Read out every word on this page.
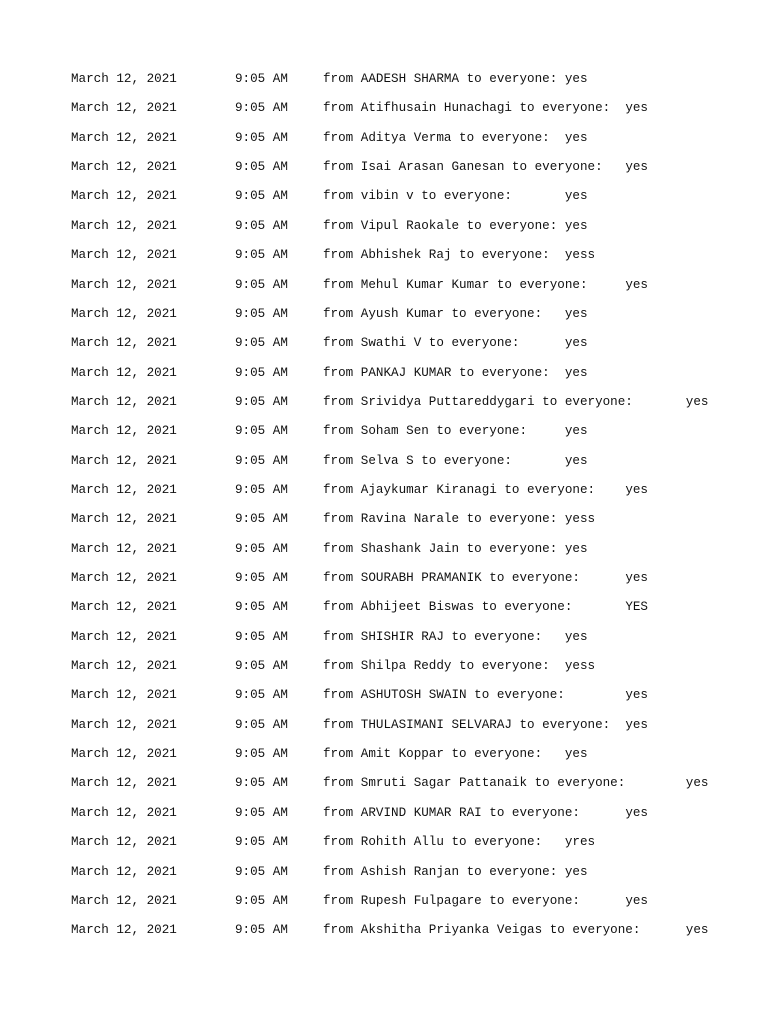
March 12, 2021	9:05 AM	from AADESH SHARMA to everyone:	yes
March 12, 2021	9:05 AM	from Atifhusain Hunachagi to everyone:	yes
March 12, 2021	9:05 AM	from Aditya Verma to everyone:	yes
March 12, 2021	9:05 AM	from Isai Arasan Ganesan to everyone:	yes
March 12, 2021	9:05 AM	from vibin v to everyone:	yes
March 12, 2021	9:05 AM	from Vipul Raokale to everyone:	yes
March 12, 2021	9:05 AM	from Abhishek Raj to everyone:	yess
March 12, 2021	9:05 AM	from Mehul Kumar Kumar to everyone:	yes
March 12, 2021	9:05 AM	from Ayush Kumar to everyone:	yes
March 12, 2021	9:05 AM	from Swathi V to everyone:	yes
March 12, 2021	9:05 AM	from PANKAJ KUMAR to everyone:	yes
March 12, 2021	9:05 AM	from Srividya Puttareddygari to everyone:	yes
March 12, 2021	9:05 AM	from Soham Sen to everyone:	yes
March 12, 2021	9:05 AM	from Selva S to everyone:	yes
March 12, 2021	9:05 AM	from Ajaykumar Kiranagi to everyone:	yes
March 12, 2021	9:05 AM	from Ravina Narale to everyone:	yess
March 12, 2021	9:05 AM	from Shashank Jain to everyone:	yes
March 12, 2021	9:05 AM	from SOURABH PRAMANIK to everyone:	yes
March 12, 2021	9:05 AM	from Abhijeet Biswas to everyone:	YES
March 12, 2021	9:05 AM	from SHISHIR RAJ to everyone:	yes
March 12, 2021	9:05 AM	from Shilpa Reddy to everyone:	yess
March 12, 2021	9:05 AM	from ASHUTOSH SWAIN to everyone:	yes
March 12, 2021	9:05 AM	from THULASIMANI SELVARAJ to everyone:	yes
March 12, 2021	9:05 AM	from Amit Koppar to everyone:	yes
March 12, 2021	9:05 AM	from Smruti Sagar Pattanaik to everyone:	yes
March 12, 2021	9:05 AM	from ARVIND KUMAR RAI to everyone:	yes
March 12, 2021	9:05 AM	from Rohith Allu to everyone:	yres
March 12, 2021	9:05 AM	from Ashish Ranjan to everyone:	yes
March 12, 2021	9:05 AM	from Rupesh Fulpagare to everyone:	yes
March 12, 2021	9:05 AM	from Akshitha Priyanka Veigas to everyone:	yes
